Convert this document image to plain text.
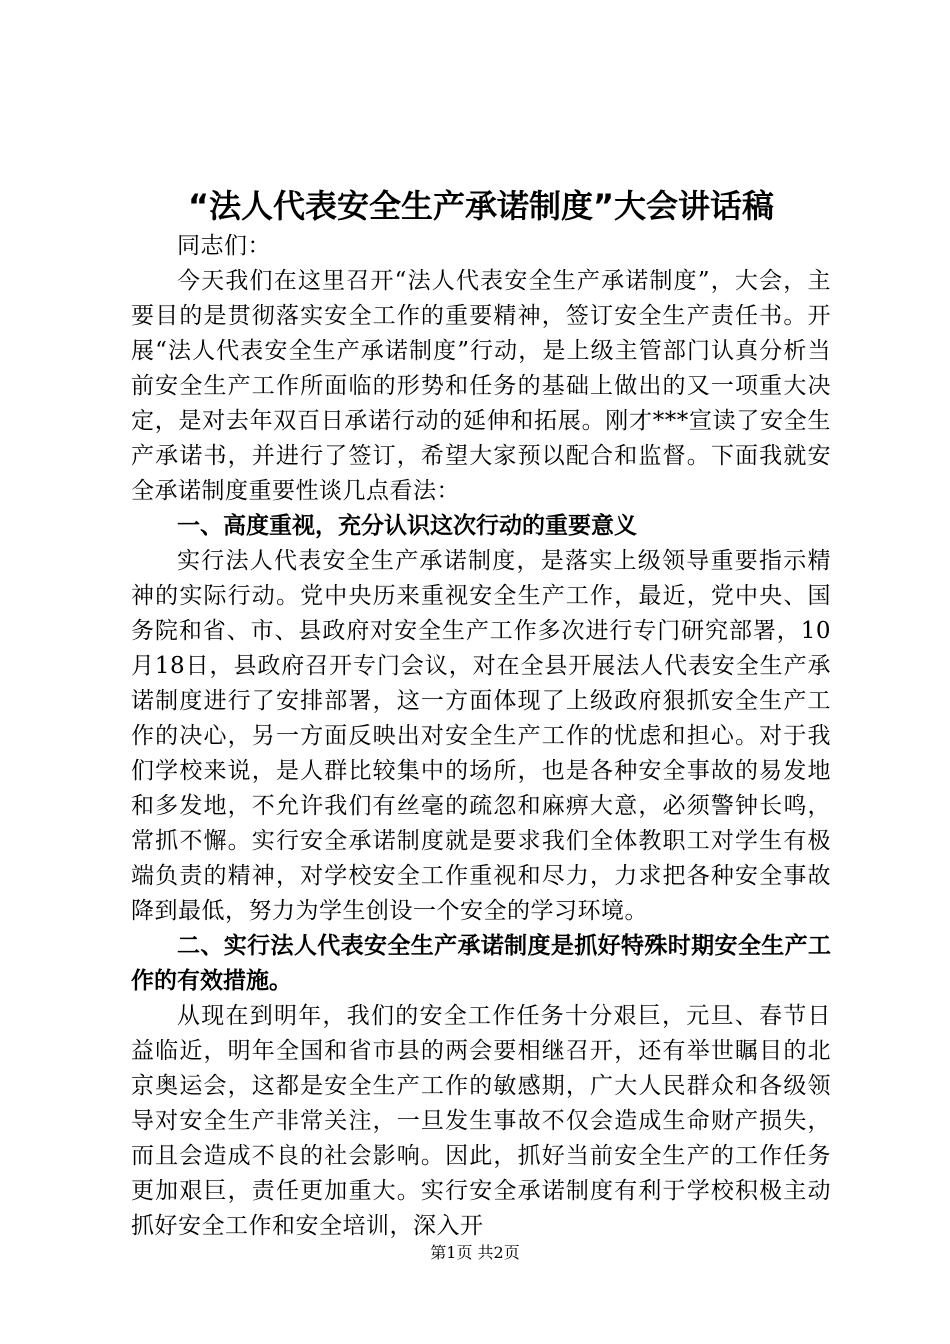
“法人代表安全生产承诺制度”大会讲话稿

同志们：

今天我们在这里召开“法人代表安全生产承诺制度”，大会，主要目的是贯彻落实安全工作的重要精神，签订安全生产责任书。开展“法人代表安全生产承诺制度”行动，是上级主管部门认真分析当前安全生产工作所面临的形势和任务的基础上做出的又一项重大决定，是对去年双百日承诺行动的延伸和拓展。刚才***宣读了安全生产承诺书，并进行了签订，希望大家预以配合和监督。下面我就安全承诺制度重要性谈几点看法：

一、高度重视，充分认识这次行动的重要意义

实行法人代表安全生产承诺制度，是落实上级领导重要指示精神的实际行动。党中央历来重视安全生产工作，最近，党中央、国务院和省、市、县政府对安全生产工作多次进行专门研究部署，10月18日，县政府召开专门会议，对在全县开展法人代表安全生产承诺制度进行了安排部署，这一方面体现了上级政府狠抓安全生产工作的决心，另一方面反映出对安全生产工作的忧虑和担心。对于我们学校来说，是人群比较集中的场所，也是各种安全事故的易发地和多发地，不允许我们有丝毫的疏忽和麻痹大意，必须警钟长鸣，常抓不懈。实行安全承诺制度就是要求我们全体教职工对学生有极端负责的精神，对学校安全工作重视和尽力，力求把各种安全事故降到最低，努力为学生创设一个安全的学习环境。

二、实行法人代表安全生产承诺制度是抓好特殊时期安全生产工作的有效措施。

从现在到明年，我们的安全工作任务十分艰巨，元旦、春节日益临近，明年全国和省市县的两会要相继召开，还有举世瞩目的北京奥运会，这都是安全生产工作的敏感期，广大人民群众和各级领导对安全生产非常关注，一旦发生事故不仅会造成生命财产损失，而且会造成不良的社会影响。因此，抓好当前安全生产的工作任务更加艰巨，责任更加重大。实行安全承诺制度有利于学校积极主动抓好安全工作和安全培训，深入开

第1页 共2页
